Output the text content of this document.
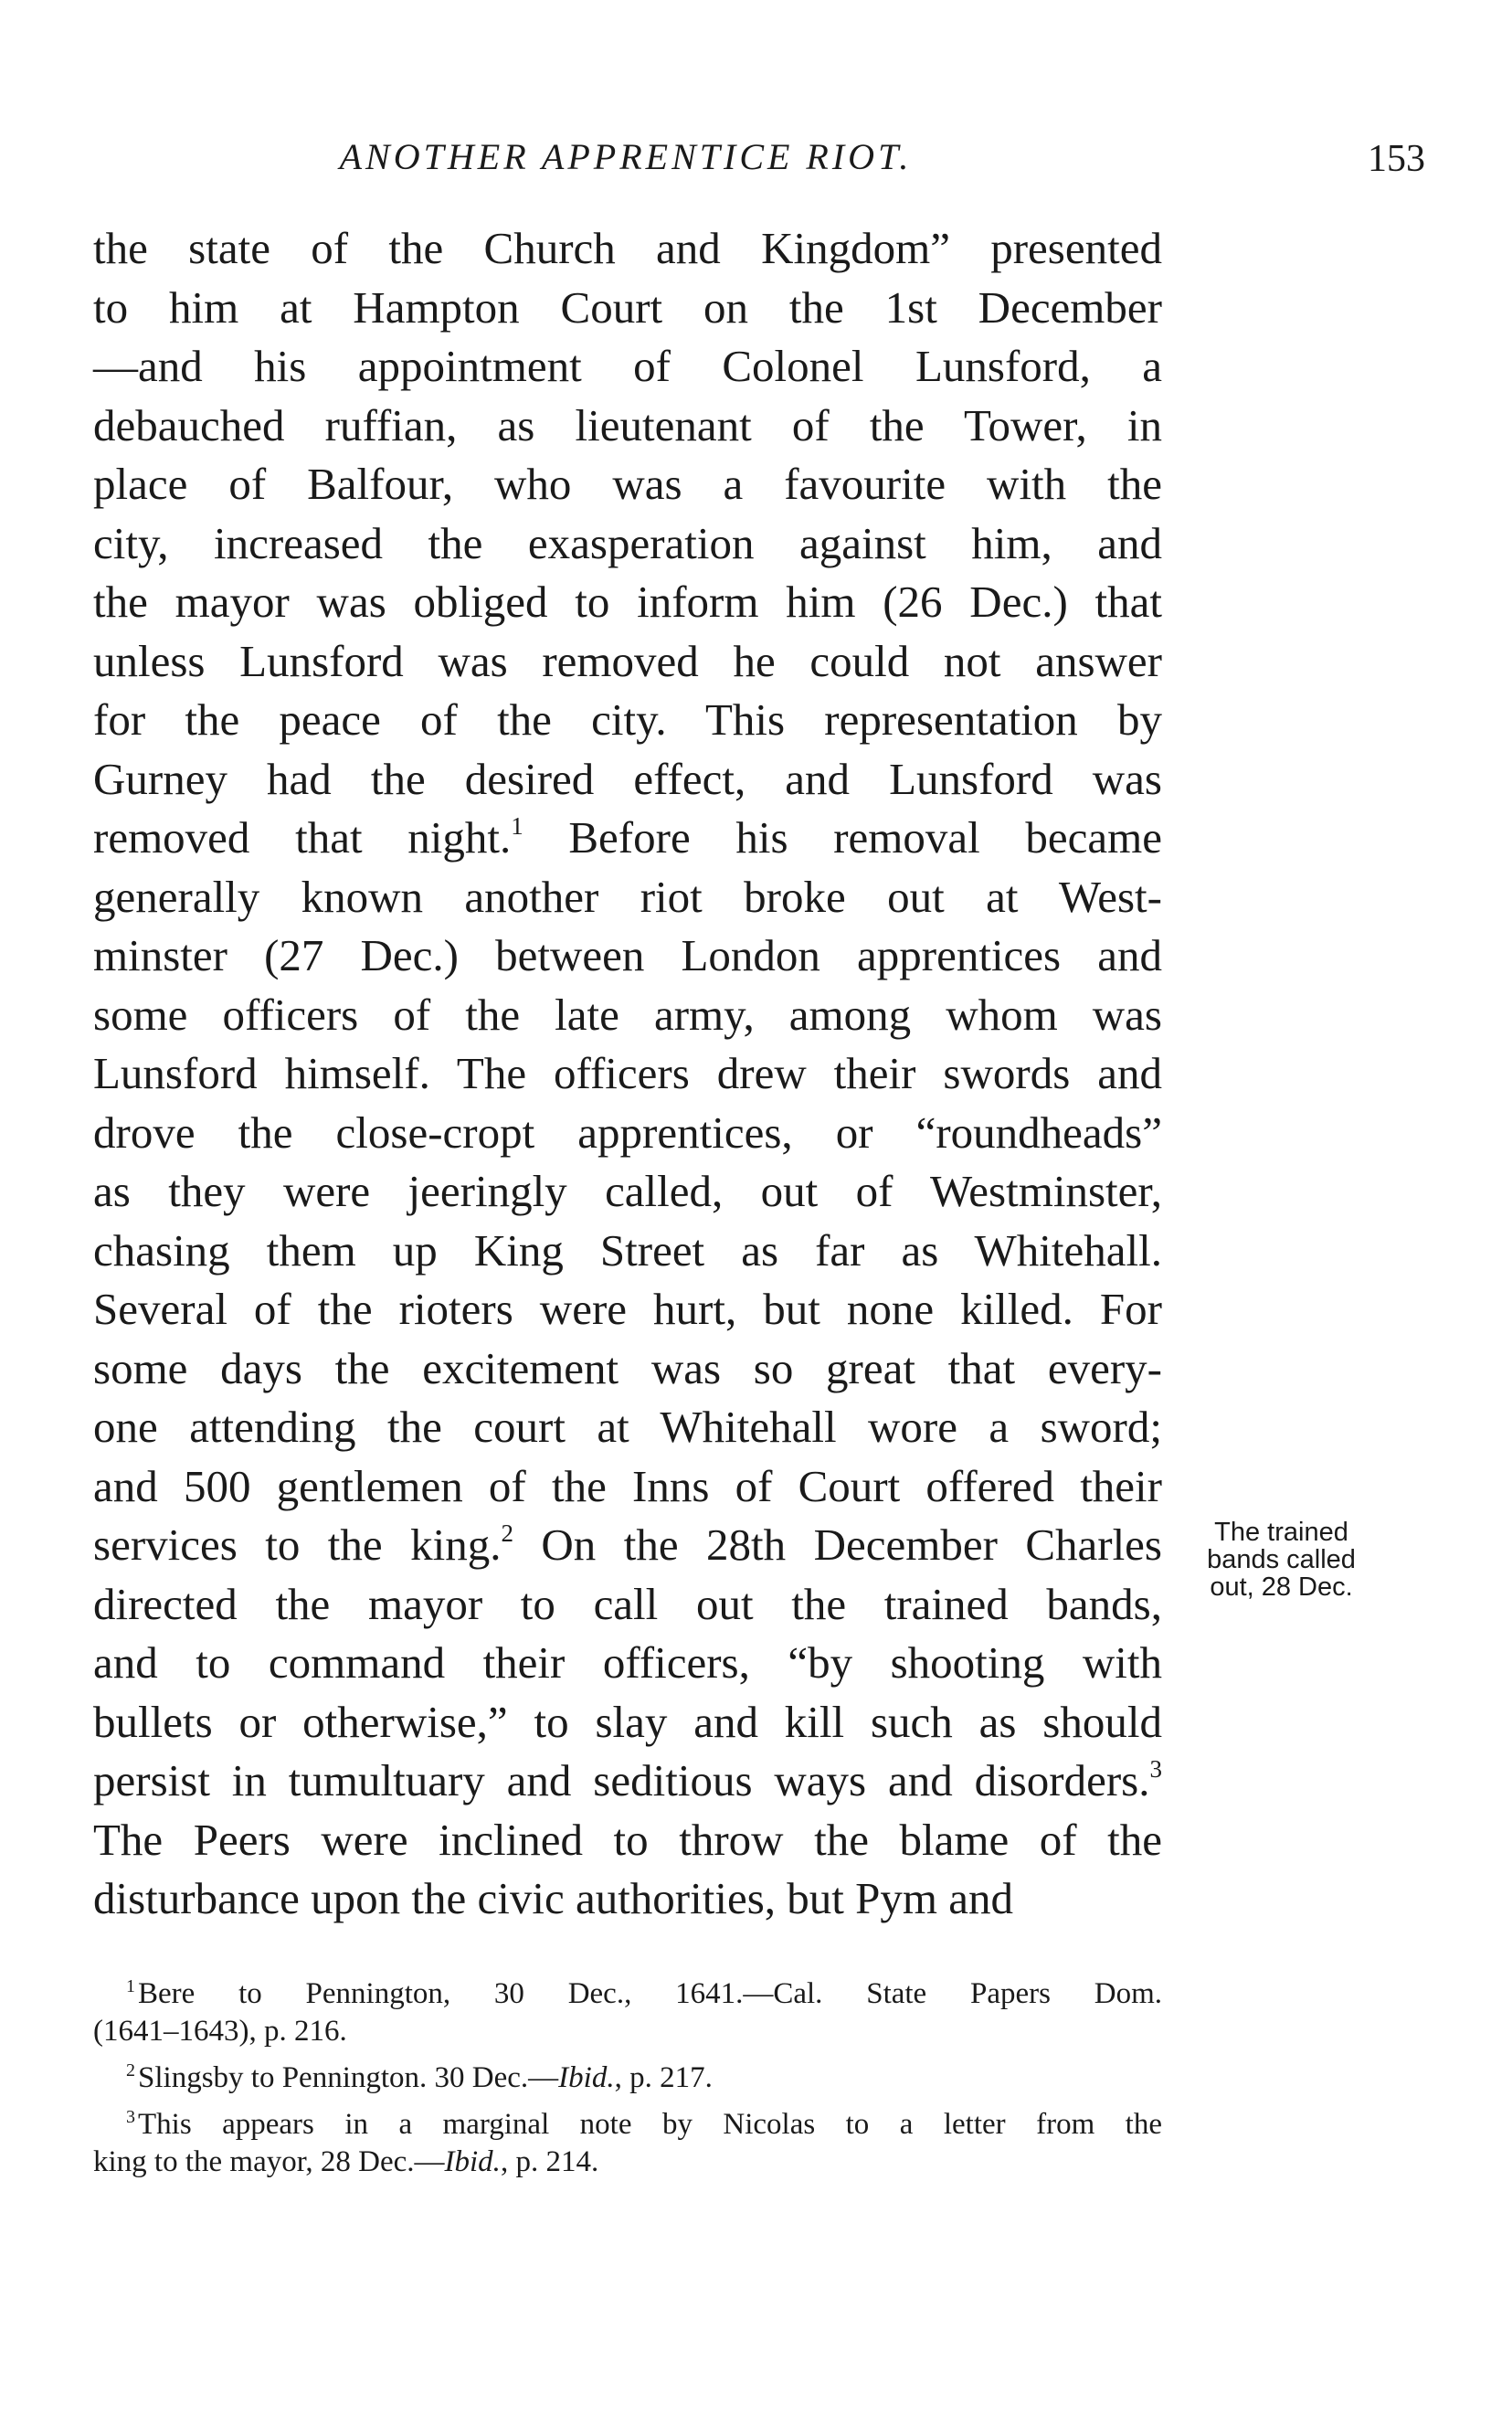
ANOTHER APPRENTICE RIOT.	153
the state of the Church and Kingdom” presented
to him at Hampton Court on the 1st December
—and his appointment of Colonel Lunsford, a
debauched ruffian, as lieutenant of the Tower, in
place of Balfour, who was a favourite with the
city, increased the exasperation against him, and
the mayor was obliged to inform him (26 Dec.) that
unless Lunsford was removed he could not answer
for the peace of the city. This representation by
Gurney had the desired effect, and Lunsford was
removed that night.$^1$ Before his removal became
generally known another riot broke out at West-
minster (27 Dec.) between London apprentices and
some officers of the late army, among whom was
Lunsford himself. The officers drew their swords and
drove the close-cropt apprentices, or “roundheads”
as they were jeeringly called, out of Westminster,
chasing them up King Street as far as Whitehall.
Several of the rioters were hurt, but none killed. For
some days the excitement was so great that every-
one attending the court at Whitehall wore a sword;
and 500 gentlemen of the Inns of Court offered their
services to the king.$^2$ On the 28th December Charles
directed the mayor to call out the trained bands,
and to command their officers, “by shooting with
bullets or otherwise,” to slay and kill such as should
persist in tumultuary and seditious ways and disorders.$^3$
The Peers were inclined to throw the blame of the
disturbance upon the civic authorities, but Pym and
The trained
bands called
out, 28 Dec.
$^1$Bere to Pennington, 30 Dec., 1641.—Cal. State Papers Dom.
(1641–1643), p. 216.
$^2$Slingsby to Pennington. 30 Dec.—Ibid., p. 217.
$^3$This appears in a marginal note by Nicolas to a letter from the
king to the mayor, 28 Dec.—Ibid., p. 214.
